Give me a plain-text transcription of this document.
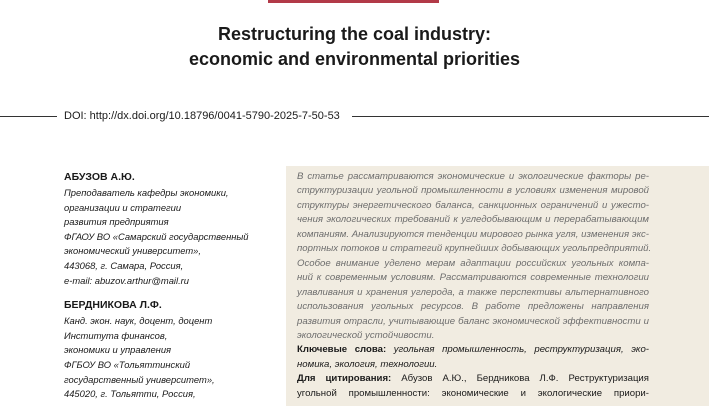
Restructuring the coal industry:
economic and environmental priorities
DOI: http://dx.doi.org/10.18796/0041-5790-2025-7-50-53
АБУЗОВ А.Ю.
Преподаватель кафедры экономики,
организации и стратегии
развития предприятия
ФГАОУ ВО «Самарский государственный
экономический университет»,
443068, г. Самара, Россия,
e-mail: abuzov.arthur@mail.ru
БЕРДНИКОВА Л.Ф.
Канд. экон. наук, доцент, доцент
Института финансов,
экономики и управления
ФГБОУ ВО «Тольяттинский
государственный университет»,
445020, г. Тольятти, Россия,
В статье рассматриваются экономические и экологические факторы ре-
структуризации угольной промышленности в условиях изменения мировой
структуры энергетического баланса, санкционных ограничений и ужесто-
чения экологических требований к угледобывающим и перерабатывающим
компаниям. Анализируются тенденции мирового рынка угля, изменения экс-
портных потоков и стратегий крупнейших добывающих угольпредприятий.
Особое внимание уделено мерам адаптации российских угольных компа-
ний к современным условиям. Рассматриваются современные технологии
улавливания и хранения углерода, а также перспективы альтернативного
использования угольных ресурсов. В работе предложены направления
развития отрасли, учитывающие баланс экономической эффективности и
экологической устойчивости.
Ключевые слова: угольная промышленность, реструктуризация, эко-
номика, экология, технологии.
Для цитирования: Абузов А.Ю., Бердникова Л.Ф. Реструктуризация
угольной промышленности: экономические и экологические приори-
